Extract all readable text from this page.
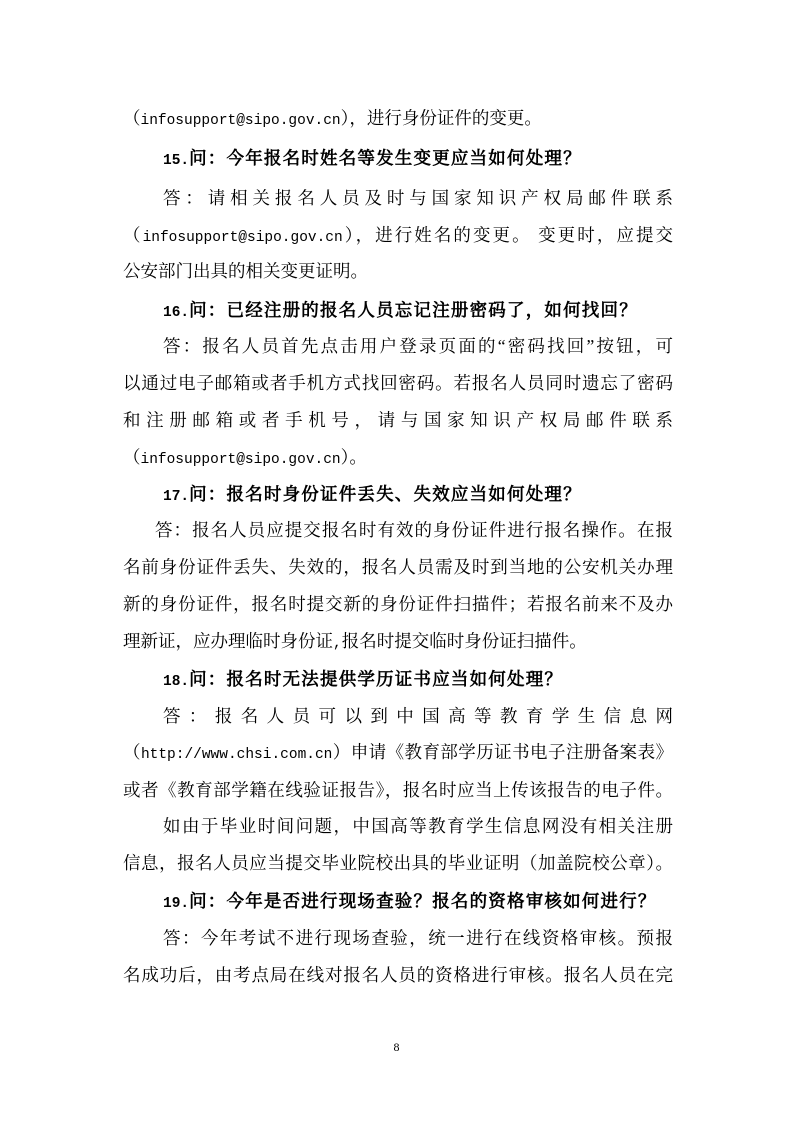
（infosupport@sipo.gov.cn），进行身份证件的变更。
15.问：今年报名时姓名等发生变更应当如何处理？
答：请相关报名人员及时与国家知识产权局邮件联系
（infosupport@sipo.gov.cn），进行姓名的变更。 变更时，应提交
公安部门出具的相关变更证明。
16.问：已经注册的报名人员忘记注册密码了，如何找回？
答：报名人员首先点击用户登录页面的“密码找回”按钮，可
以通过电子邮箱或者手机方式找回密码。若报名人员同时遗忘了密码
和注册邮箱或者手机号，请与国家知识产权局邮件联系
（infosupport@sipo.gov.cn）。
17.问：报名时身份证件丢失、失效应当如何处理？
答：报名人员应提交报名时有效的身份证件进行报名操作。在报
名前身份证件丢失、失效的，报名人员需及时到当地的公安机关办理
新的身份证件，报名时提交新的身份证件扫描件；若报名前来不及办
理新证，应办理临时身份证,报名时提交临时身份证扫描件。
18.问：报名时无法提供学历证书应当如何处理？
答：报名人员可以到中国高等教育学生信息网
（http://www.chsi.com.cn）申请《教育部学历证书电子注册备案表》
或者《教育部学籍在线验证报告》，报名时应当上传该报告的电子件。
如由于毕业时间问题，中国高等教育学生信息网没有相关注册
信息，报名人员应当提交毕业院校出具的毕业证明（加盖院校公章）。
19.问：今年是否进行现场查验？报名的资格审核如何进行？
答：今年考试不进行现场查验，统一进行在线资格审核。预报
名成功后，由考点局在线对报名人员的资格进行审核。报名人员在完
8
